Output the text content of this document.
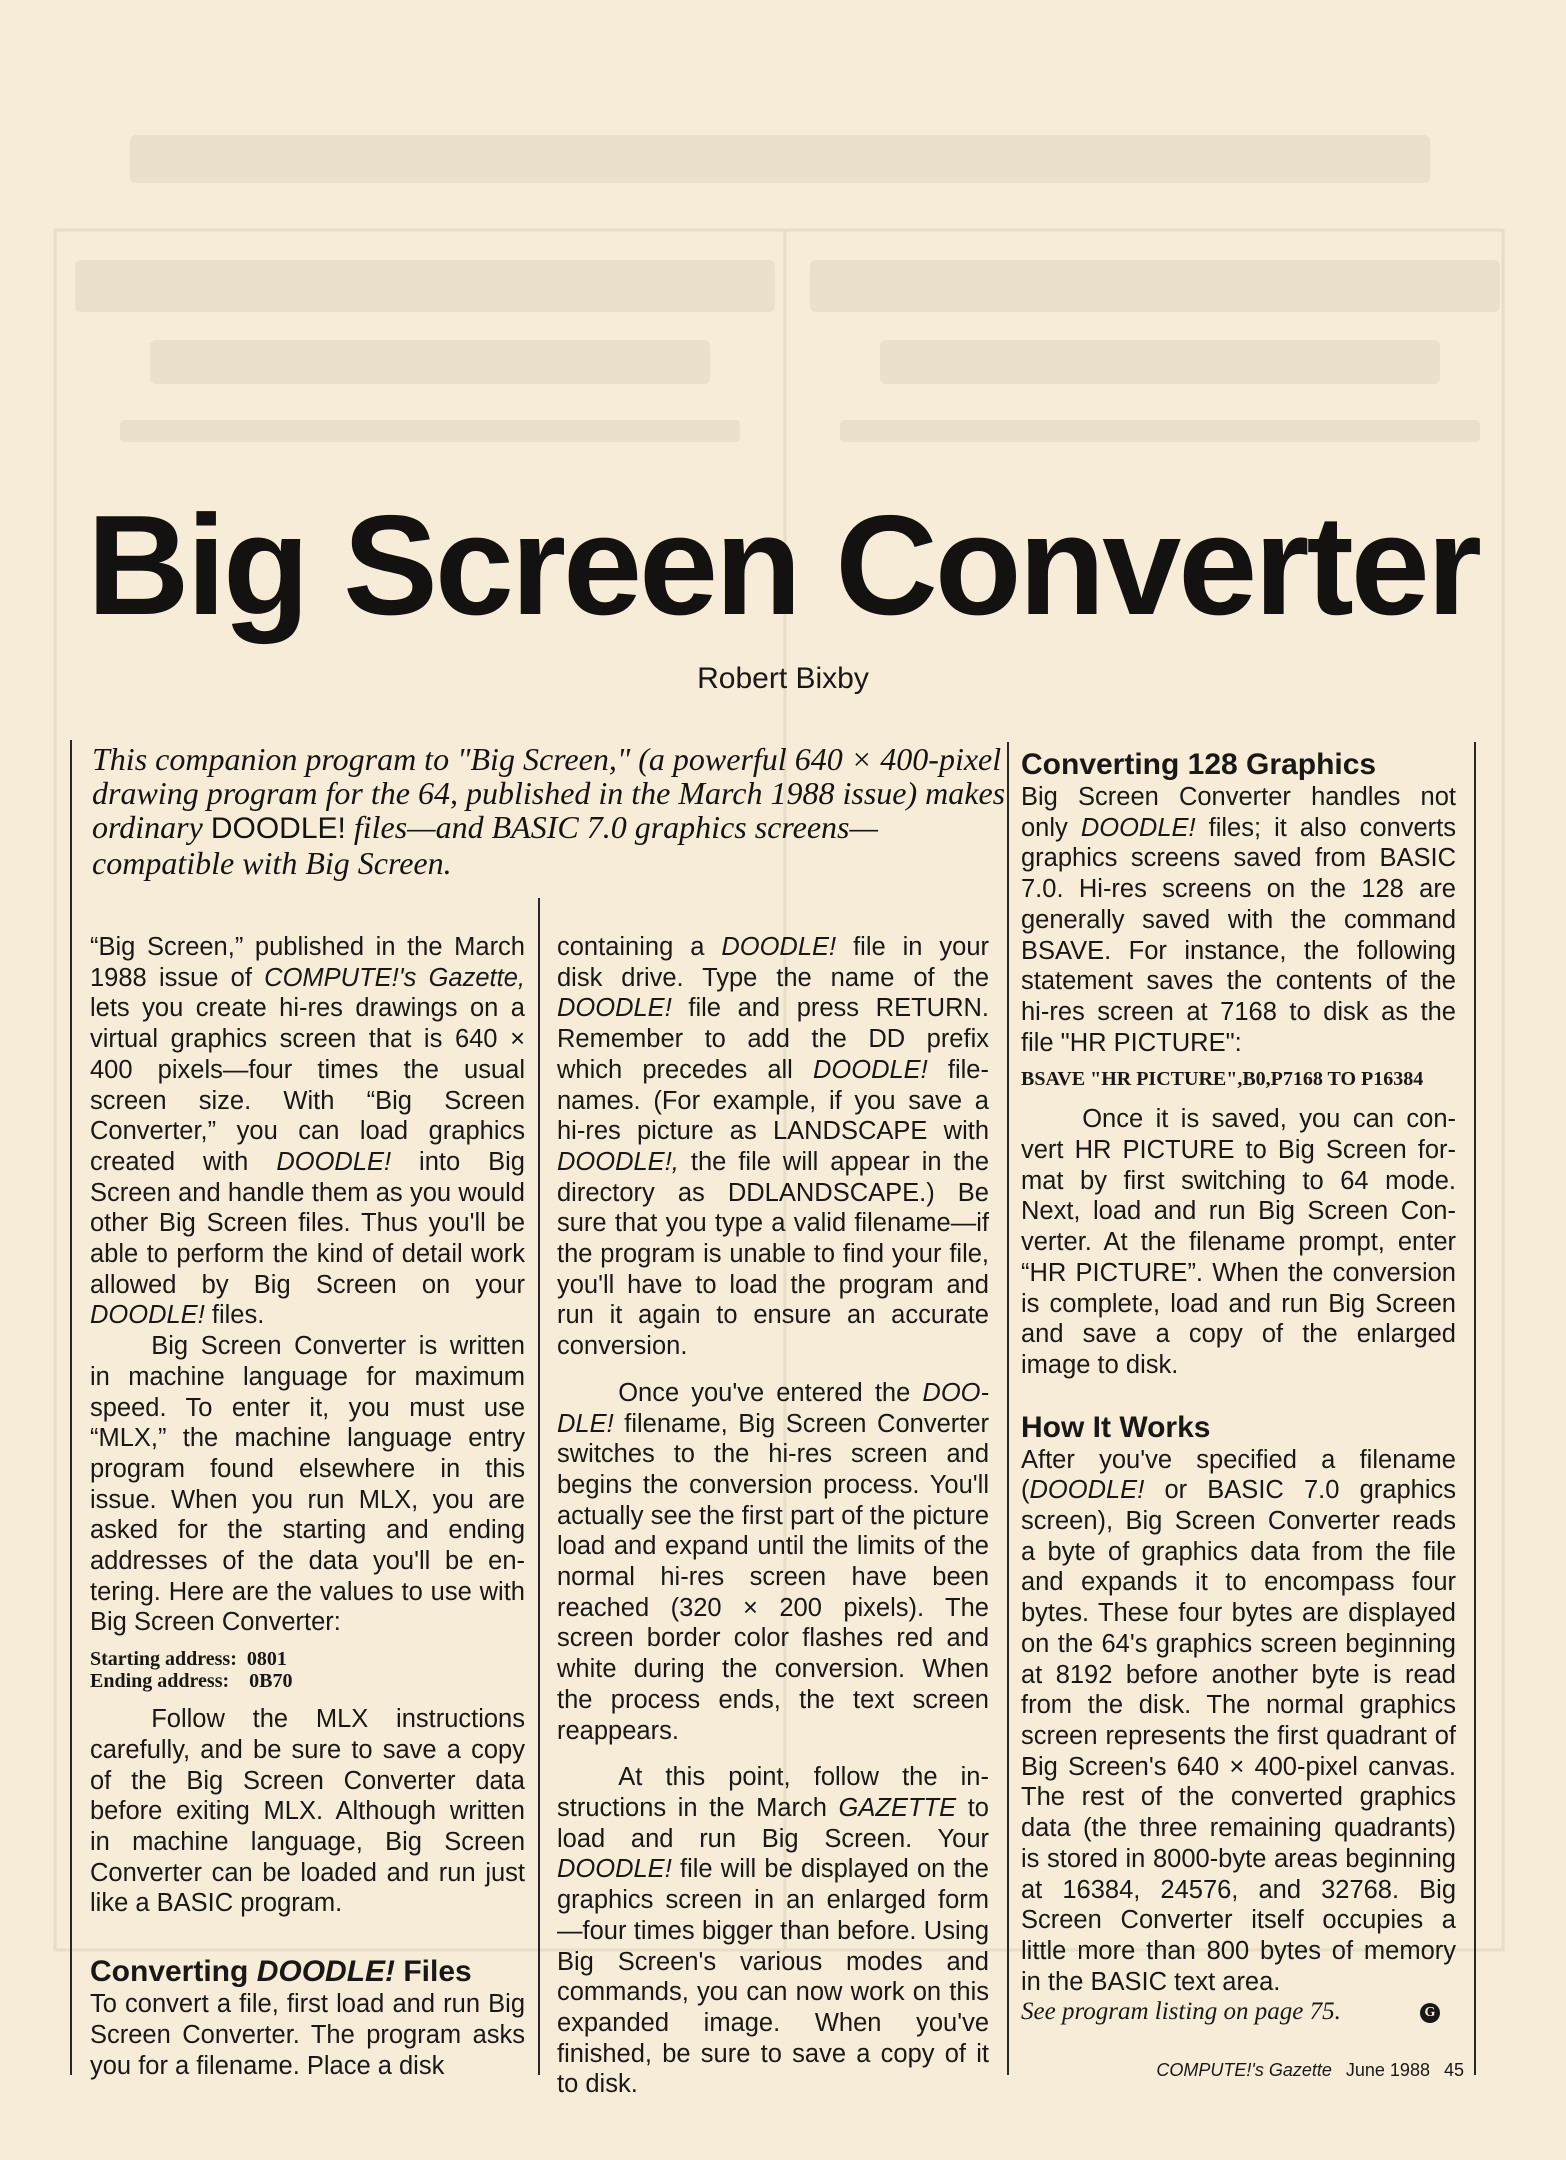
Big Screen Converter
Robert Bixby

This companion program to "Big Screen," (a powerful 640 × 400-pixel drawing program for the 64, published in the March 1988 issue) makes ordinary DOODLE! files—and BASIC 7.0 graphics screens—compatible with Big Screen.

“Big Screen,” published in the March 1988 issue of COMPUTE!'s Gazette, lets you create hi-res drawings on a virtual graphics screen that is 640 × 400 pixels—four times the usual screen size. With “Big Screen Converter,” you can load graphics created with DOODLE! into Big Screen and handle them as you would other Big Screen files. Thus you'll be able to perform the kind of detail work allowed by Big Screen on your DOODLE! files.

Big Screen Converter is written in machine language for maximum speed. To enter it, you must use “MLX,” the machine language entry program found elsewhere in this issue. When you run MLX, you are asked for the starting and ending addresses of the data you'll be entering. Here are the values to use with Big Screen Converter:

Starting address:  0801
Ending address:    0B70

Follow the MLX instructions carefully, and be sure to save a copy of the Big Screen Converter data before exiting MLX. Although written in machine language, Big Screen Converter can be loaded and run just like a BASIC program.

Converting DOODLE! Files

To convert a file, first load and run Big Screen Converter. The program asks you for a filename. Place a disk

containing a DOODLE! file in your disk drive. Type the name of the DOODLE! file and press RETURN. Remember to add the DD prefix which precedes all DOODLE! filenames. (For example, if you save a hi-res picture as LANDSCAPE with DOODLE!, the file will appear in the directory as DDLANDSCAPE.) Be sure that you type a valid filename—if the program is unable to find your file, you'll have to load the program and run it again to ensure an accurate conversion.

Once you've entered the DOODLE! filename, Big Screen Converter switches to the hi-res screen and begins the conversion process. You'll actually see the first part of the picture load and expand until the limits of the normal hi-res screen have been reached (320 × 200 pixels). The screen border color flashes red and white during the conversion. When the process ends, the text screen reappears.

At this point, follow the instructions in the March GAZETTE to load and run Big Screen. Your DOODLE! file will be displayed on the graphics screen in an enlarged form—four times bigger than before. Using Big Screen's various modes and commands, you can now work on this expanded image. When you've finished, be sure to save a copy of it to disk.

Converting 128 Graphics

Big Screen Converter handles not only DOODLE! files; it also converts graphics screens saved from BASIC 7.0. Hi-res screens on the 128 are generally saved with the command BSAVE. For instance, the following statement saves the contents of the hi-res screen at 7168 to disk as the file "HR PICTURE":

BSAVE "HR PICTURE",B0,P7168 TO P16384

Once it is saved, you can convert HR PICTURE to Big Screen format by first switching to 64 mode. Next, load and run Big Screen Converter. At the filename prompt, enter “HR PICTURE”. When the conversion is complete, load and run Big Screen and save a copy of the enlarged image to disk.

How It Works

After you've specified a filename (DOODLE! or BASIC 7.0 graphics screen), Big Screen Converter reads a byte of graphics data from the file and expands it to encompass four bytes. These four bytes are displayed on the 64's graphics screen beginning at 8192 before another byte is read from the disk. The normal graphics screen represents the first quadrant of Big Screen's 640 × 400-pixel canvas. The rest of the converted graphics data (the three remaining quadrants) is stored in 8000-byte areas beginning at 16384, 24576, and 32768. Big Screen Converter itself occupies a little more than 800 bytes of memory in the BASIC text area.

See program listing on page 75.	G
COMPUTE!'s Gazette June 1988 45
